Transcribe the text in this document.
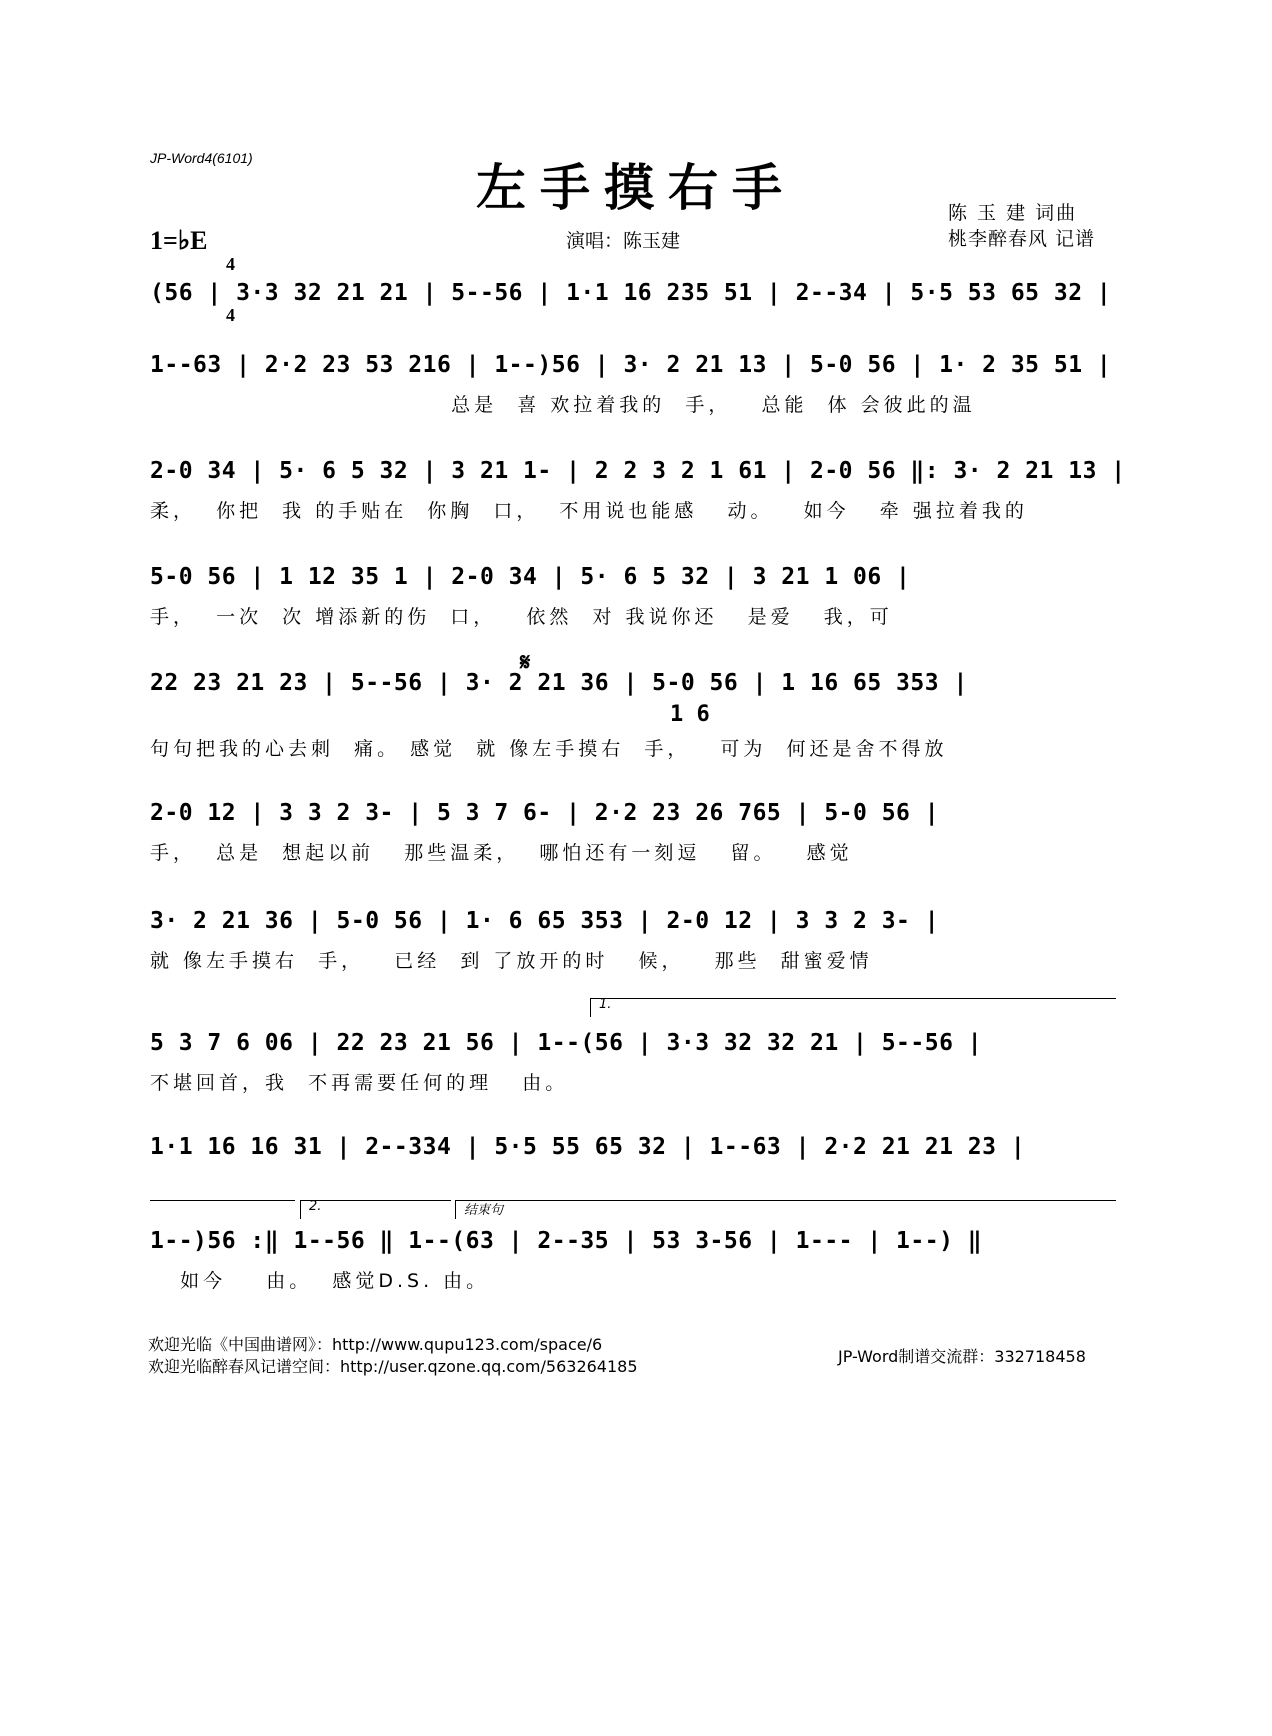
JP-Word4(6101)	左手摸右手
1=♭E

4

4

演唱：陈玉建
陈 玉 建 词曲
桃李醉春风 记谱
𝄋
1 6
(56 | 3·3 32 21 21 | 5--56 | 1·1 16 235 51 | 2--34 | 5·5 53 65 32 |
1--63 | 2·2 23 53 216 | 1--)56 | 3· 2 21 13 | 5-0 56 | 1· 2 35 51 |
总是  喜 欢拉着我的  手，   总能  体 会彼此的温
2-0 34 | 5· 6 5 32 | 3 21 1- | 2 2 3 2 1 61 | 2-0 56 ‖: 3· 2 21 13 |
柔，  你把  我 的手贴在  你胸  口，  不用说也能感   动。   如今   牵 强拉着我的
5-0 56 | 1 12 35 1 | 2-0 34 | 5· 6 5 32 | 3 21 1 06 |
手，  一次  次 增添新的伤  口，   依然  对 我说你还   是爱   我，可
22 23 21 23 | 5--56 | 3· 2 21 36 | 5-0 56 | 1 16 65 353 |
句句把我的心去刺  痛。 感觉  就 像左手摸右  手，   可为  何还是舍不得放
2-0 12 | 3 3 2 3- | 5 3 7 6- | 2·2 23 26 765 | 5-0 56 |
手，  总是  想起以前   那些温柔，  哪怕还有一刻逗   留。   感觉
3· 2 21 36 | 5-0 56 | 1· 6 65 353 | 2-0 12 | 3 3 2 3- |
就 像左手摸右  手，   已经  到 了放开的时   候，   那些  甜蜜爱情
1.
5 3 7 6 06 | 22 23 21 56 | 1--(56 | 3·3 32 32 21 | 5--56 |
不堪回首，我  不再需要任何的理   由。
1·1 16 16 31 | 2--334 | 5·5 55 65 32 | 1--63 | 2·2 21 21 23 |
2.	结束句
1--)56 :‖ 1--56 ‖ 1--(63 | 2--35 | 53 3-56 | 1--- | 1--) ‖
如今    由。  感觉D.S. 由。
欢迎光临《中国曲谱网》：http://www.qupu123.com/space/6
欢迎光临醉春风记谱空间：http://user.qzone.qq.com/563264185
JP-Word制谱交流群：332718458
